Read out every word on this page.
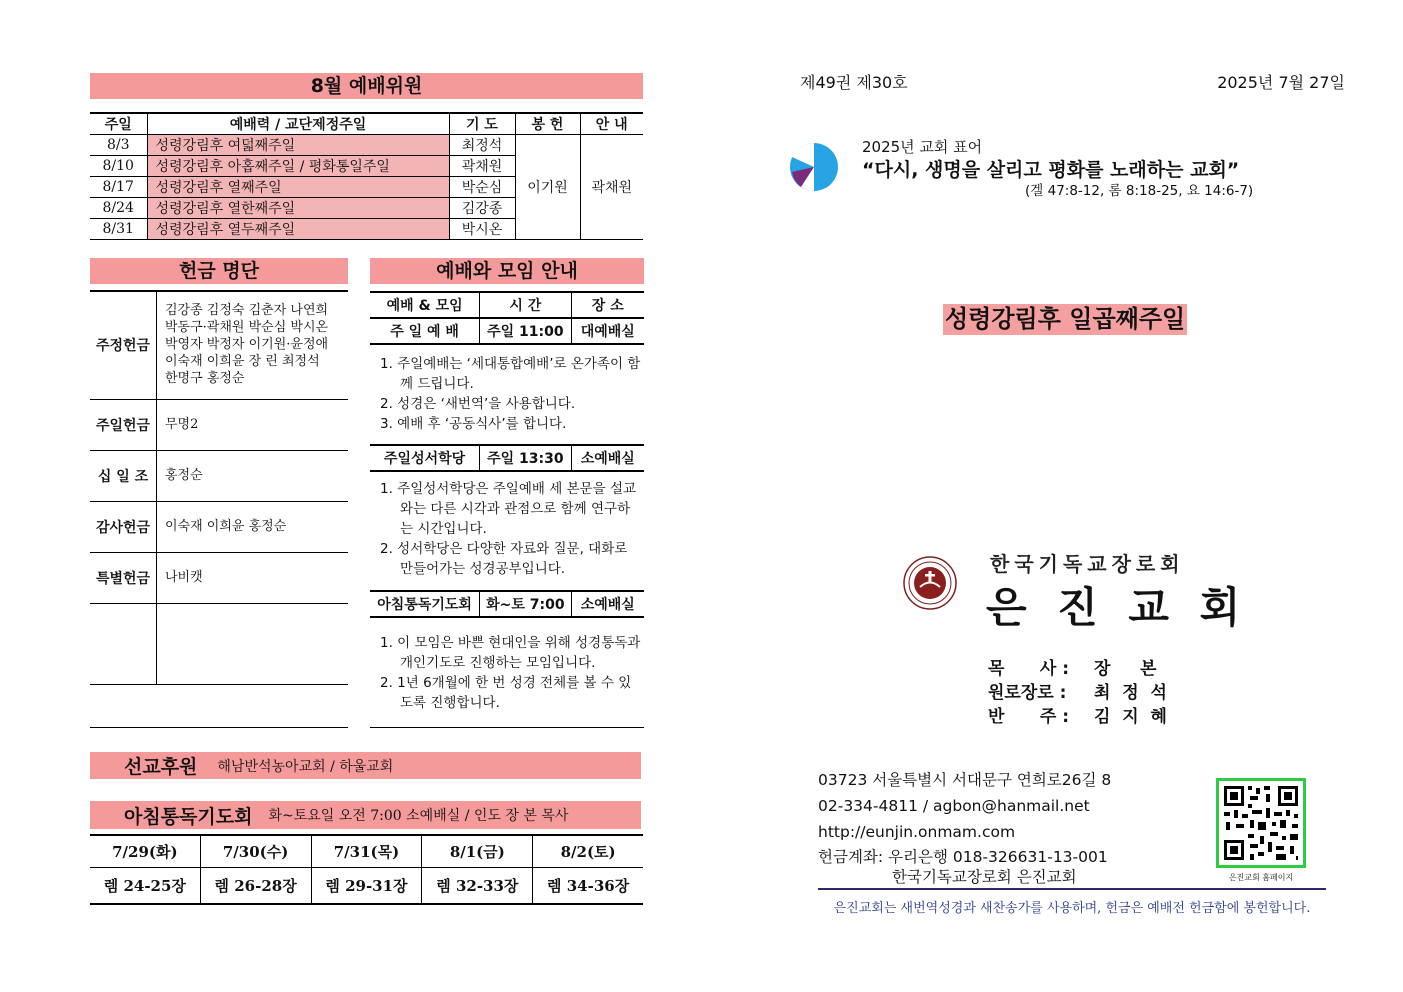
8월 예배위원
주일	예배력 / 교단제정주일	기 도	봉 헌	안 내
8/3	성령강림후 여덟째주일	최정석	이기원	곽채원
8/10	성령강림후 아홉째주일 / 평화통일주일	곽채원		
8/17	성령강림후 열째주일	박순심		
8/24	성령강림후 열한째주일	김강종		
8/31	성령강림후 열두째주일	박시온		
헌금 명단
주정헌금	김강종 김정숙 김춘자 나연희
박동구·곽채원 박순심 박시온
박영자 박정자 이기원·윤정애
이숙재 이희윤 장 린 최정석
한명구 홍정순
주일헌금	무명2
십 일 조	홍정순
감사헌금	이숙재 이희윤 홍정순
특별헌금	나비캣

예배와 모임 안내
예배 & 모임	시 간	장 소
주 일 예 배	주일 11:00	대예배실
1. 주일예배는 ‘세대통합예배’로 온가족이 함께 드립니다.
2. 성경은 ‘새번역’을 사용합니다.
3. 예배 후 ‘공동식사’를 합니다.
주일성서학당	주일 13:30	소예배실
1. 주일성서학당은 주일예배 세 본문을 설교와는 다른 시각과 관점으로 함께 연구하는 시간입니다.
2. 성서학당은 다양한 자료와 질문, 대화로 만들어가는 성경공부입니다.
아침통독기도회	화~토 7:00	소예배실
1. 이 모임은 바쁜 현대인을 위해 성경통독과 개인기도로 진행하는 모임입니다.
2. 1년 6개월에 한 번 성경 전체를 볼 수 있도록 진행합니다.
선교후원 해남반석농아교회 / 하울교회
아침통독기도회 화~토요일 오전 7:00 소예배실 / 인도 장 본 목사
7/29(화)	7/30(수)	7/31(목)	8/1(금)	8/2(토)
렘 24-25장	렘 26-28장	렘 29-31장	렘 32-33장	렘 34-36장
제49권 제30호	2025년 7월 27일
2025년 교회 표어
“다시, 생명을 살리고 평화를 노래하는 교회”
(겔 47:8-12, 롬 8:18-25, 요 14:6-7)
성령강림후 일곱째주일
한국기독교장로회
은 진 교 회
목      사 :	장     본
원로장로 :	최  정  석
반      주 :	김  지  혜
03723 서울특별시 서대문구 연희로26길 8
02-334-4811 / agbon@hanmail.net
http://eunjin.onmam.com
헌금계좌: 우리은행 018-326631-13-001
한국기독교장로회 은진교회	은진교회 홈페이지
은진교회는 새번역성경과 새찬송가를 사용하며, 헌금은 예배전 헌금함에 봉헌합니다.
